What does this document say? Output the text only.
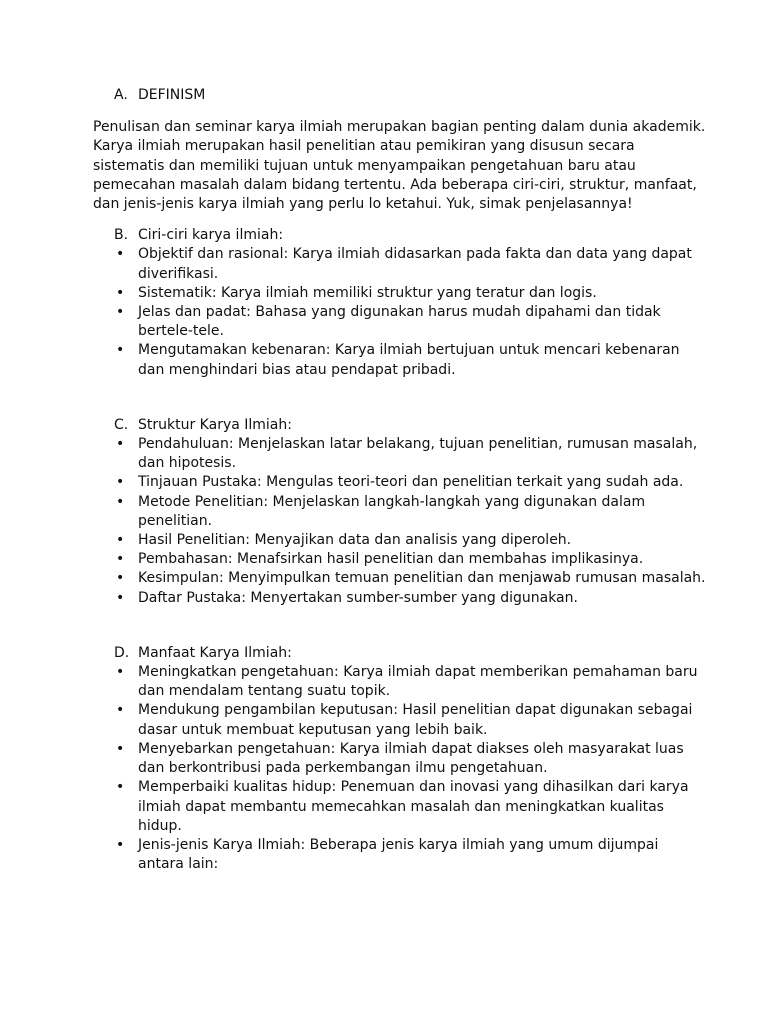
A. DEFINISM

Penulisan dan seminar karya ilmiah merupakan bagian penting dalam dunia akademik. Karya ilmiah merupakan hasil penelitian atau pemikiran yang disusun secara sistematis dan memiliki tujuan untuk menyampaikan pengetahuan baru atau pemecahan masalah dalam bidang tertentu. Ada beberapa ciri-ciri, struktur, manfaat, dan jenis-jenis karya ilmiah yang perlu lo ketahui. Yuk, simak penjelasannya!

B. Ciri-ciri karya ilmiah:
• Objektif dan rasional: Karya ilmiah didasarkan pada fakta dan data yang dapat diverifikasi.
• Sistematik: Karya ilmiah memiliki struktur yang teratur dan logis.
• Jelas dan padat: Bahasa yang digunakan harus mudah dipahami dan tidak bertele-tele.
• Mengutamakan kebenaran: Karya ilmiah bertujuan untuk mencari kebenaran dan menghindari bias atau pendapat pribadi.
C. Struktur Karya Ilmiah:
• Pendahuluan: Menjelaskan latar belakang, tujuan penelitian, rumusan masalah, dan hipotesis.
• Tinjauan Pustaka: Mengulas teori-teori dan penelitian terkait yang sudah ada.
• Metode Penelitian: Menjelaskan langkah-langkah yang digunakan dalam penelitian.
• Hasil Penelitian: Menyajikan data dan analisis yang diperoleh.
• Pembahasan: Menafsirkan hasil penelitian dan membahas implikasinya.
• Kesimpulan: Menyimpulkan temuan penelitian dan menjawab rumusan masalah.
• Daftar Pustaka: Menyertakan sumber-sumber yang digunakan.
D. Manfaat Karya Ilmiah:
• Meningkatkan pengetahuan: Karya ilmiah dapat memberikan pemahaman baru dan mendalam tentang suatu topik.
• Mendukung pengambilan keputusan: Hasil penelitian dapat digunakan sebagai dasar untuk membuat keputusan yang lebih baik.
• Menyebarkan pengetahuan: Karya ilmiah dapat diakses oleh masyarakat luas dan berkontribusi pada perkembangan ilmu pengetahuan.
• Memperbaiki kualitas hidup: Penemuan dan inovasi yang dihasilkan dari karya ilmiah dapat membantu memecahkan masalah dan meningkatkan kualitas hidup.
• Jenis-jenis Karya Ilmiah: Beberapa jenis karya ilmiah yang umum dijumpai antara lain:
